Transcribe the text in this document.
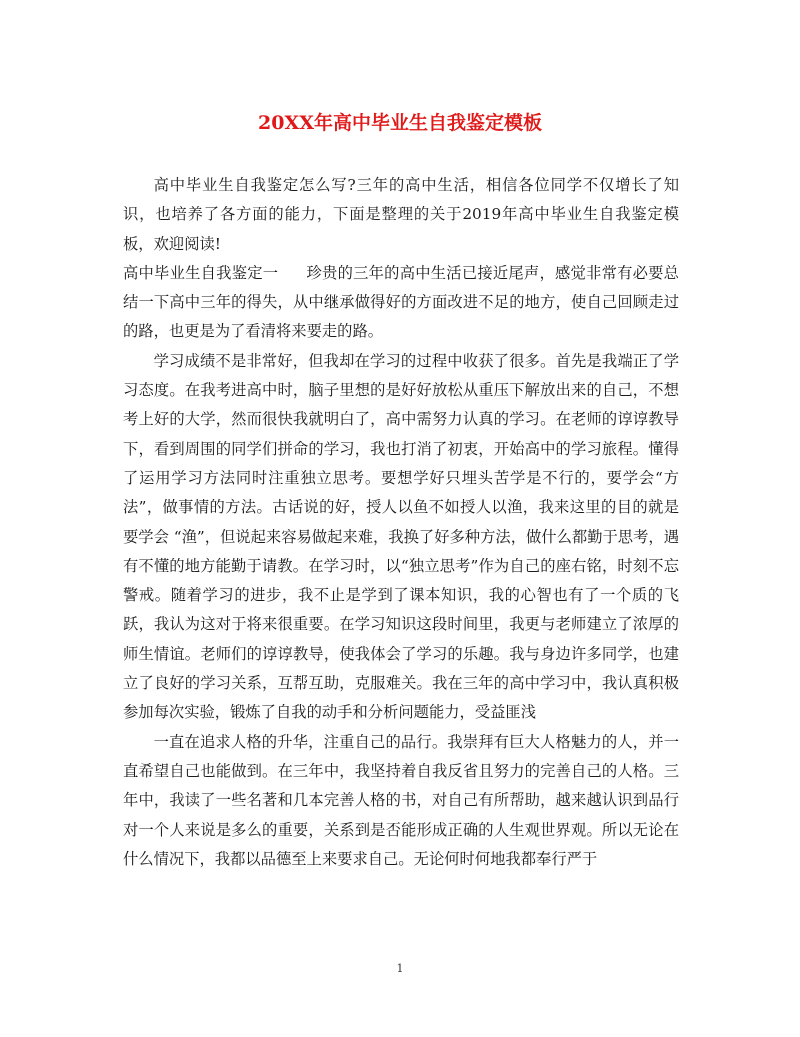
20XX年高中毕业生自我鉴定模板

高中毕业生自我鉴定怎么写?三年的高中生活，相信各位同学不仅增长了知识，也培养了各方面的能力，下面是整理的关于2019年高中毕业生自我鉴定模板，欢迎阅读!

高中毕业生自我鉴定一 珍贵的三年的高中生活已接近尾声，感觉非常有必要总结一下高中三年的得失，从中继承做得好的方面改进不足的地方，使自己回顾走过的路，也更是为了看清将来要走的路。

学习成绩不是非常好，但我却在学习的过程中收获了很多。首先是我端正了学习态度。在我考进高中时，脑子里想的是好好放松从重压下解放出来的自己，不想考上好的大学，然而很快我就明白了，高中需努力认真的学习。在老师的谆谆教导下，看到周围的同学们拼命的学习，我也打消了初衷，开始高中的学习旅程。懂得了运用学习方法同时注重独立思考。要想学好只埋头苦学是不行的，要学会“方法”，做事情的方法。古话说的好，授人以鱼不如授人以渔，我来这里的目的就是要学会 “渔”，但说起来容易做起来难，我换了好多种方法，做什么都勤于思考，遇有不懂的地方能勤于请教。在学习时，以“独立思考”作为自己的座右铭，时刻不忘警戒。随着学习的进步，我不止是学到了课本知识，我的心智也有了一个质的飞跃，我认为这对于将来很重要。在学习知识这段时间里，我更与老师建立了浓厚的师生情谊。老师们的谆谆教导，使我体会了学习的乐趣。我与身边许多同学，也建立了良好的学习关系，互帮互助，克服难关。我在三年的高中学习中，我认真积极参加每次实验，锻炼了自我的动手和分析问题能力，受益匪浅

一直在追求人格的升华，注重自己的品行。我崇拜有巨大人格魅力的人，并一直希望自己也能做到。在三年中，我坚持着自我反省且努力的完善自己的人格。三年中，我读了一些名著和几本完善人格的书，对自己有所帮助，越来越认识到品行对一个人来说是多么的重要，关系到是否能形成正确的人生观世界观。所以无论在什么情况下，我都以品德至上来要求自己。无论何时何地我都奉行严于

1
